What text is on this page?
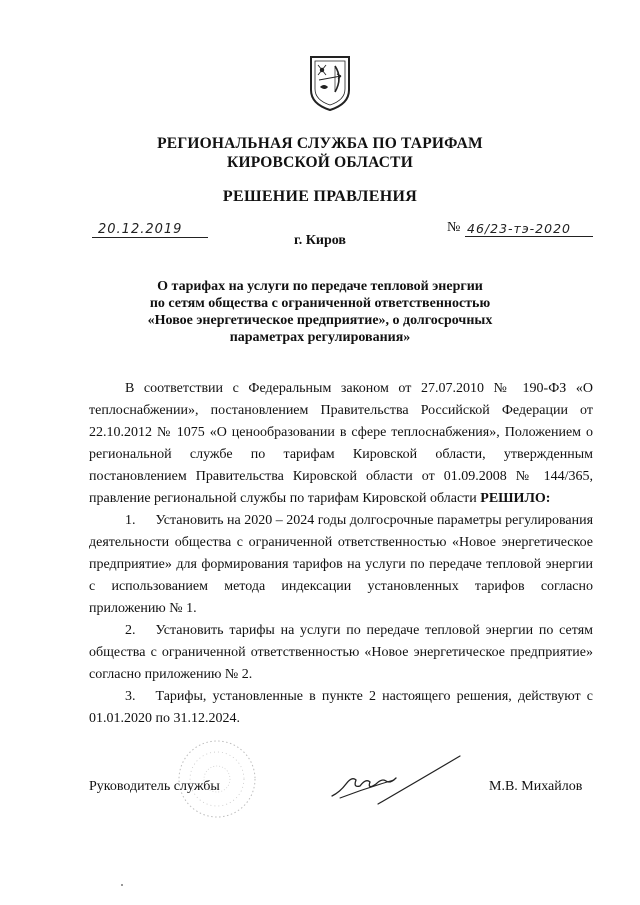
РЕГИОНАЛЬНАЯ СЛУЖБА ПО ТАРИФАМ
КИРОВСКОЙ ОБЛАСТИ
РЕШЕНИЕ ПРАВЛЕНИЯ
20.12.2019	№ 46/23-тэ-2020
г. Киров
О тарифах на услуги по передаче тепловой энергии
по сетям общества с ограниченной ответственностью
«Новое энергетическое предприятие», о долгосрочных
параметрах регулирования»

В соответствии с Федеральным законом от 27.07.2010 № 190-ФЗ «О теплоснабжении», постановлением Правительства Российской Федерации от 22.10.2012 № 1075 «О ценообразовании в сфере теплоснабжения», Положением о региональной службе по тарифам Кировской области, утвержденным постановлением Правительства Кировской области от 01.09.2008 № 144/365, правление региональной службы по тарифам Кировской области РЕШИЛО:

1. Установить на 2020 – 2024 годы долгосрочные параметры регулирования деятельности общества с ограниченной ответственностью «Новое энергетическое предприятие» для формирования тарифов на услуги по передаче тепловой энергии с использованием метода индексации установленных тарифов согласно приложению № 1.

2. Установить тарифы на услуги по передаче тепловой энергии по сетям общества с ограниченной ответственностью «Новое энергетическое предприятие» согласно приложению № 2.

3. Тарифы, установленные в пункте 2 настоящего решения, действуют с 01.01.2020 по 31.12.2024.

Руководитель службы	М.В. Михайлов
